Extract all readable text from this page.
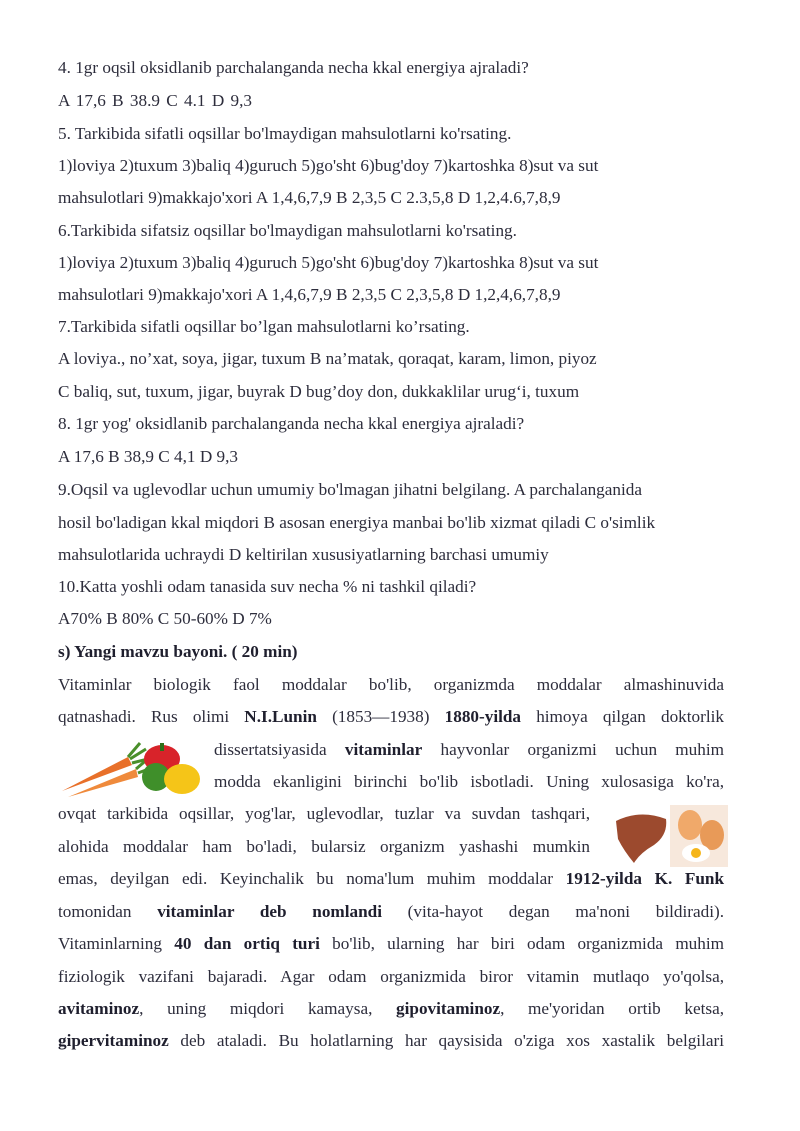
4. 1gr oqsil oksidlanib parchalanganda necha kkal energiya ajraladi?
A 17,6 B 38.9 C 4.1 D 9,3
5. Tarkibida sifatli oqsillar bo'lmaydigan mahsulotlarni ko'rsating.
1)loviya 2)tuxum 3)baliq 4)guruch 5)go'sht 6)bug'doy 7)kartoshka 8)sut va sut
mahsulotlari 9)makkajo'xori A 1,4,6,7,9 B 2,3,5 C 2.3,5,8 D 1,2,4.6,7,8,9
6.Tarkibida sifatsiz oqsillar bo'lmaydigan mahsulotlarni ko'rsating.
1)loviya 2)tuxum 3)baliq 4)guruch 5)go'sht 6)bug'doy 7)kartoshka 8)sut va sut
mahsulotlari 9)makkajo'xori A 1,4,6,7,9 B 2,3,5 C 2,3,5,8 D 1,2,4,6,7,8,9
7.Tarkibida sifatli oqsillar bo’lgan mahsulotlarni ko’rsating.
A loviya., no’xat, soya, jigar, tuxum B na’matak, qoraqat, karam, limon, piyoz
C baliq, sut, tuxum, jigar, buyrak D bug’doy don, dukkaklilar urug‘i, tuxum
8. 1gr yog' oksidlanib parchalanganda necha kkal energiya ajraladi?
A 17,6 B 38,9 C 4,1 D 9,3
9.Oqsil va uglevodlar uchun umumiy bo'lmagan jihatni belgilang. A parchalanganida
hosil bo'ladigan kkal miqdori B asosan energiya manbai bo'lib xizmat qiladi C o'simlik
mahsulotlarida uchraydi D keltirilan xususiyatlarning barchasi umumiy
10.Katta yoshli odam tanasida suv necha % ni tashkil qiladi?
A70% B 80% C 50-60% D 7%
s) Yangi mavzu bayoni. ( 20 min)
Vitaminlar biologik faol moddalar bo'lib, organizmda moddalar almashinuvida
qatnashadi. Rus olimi N.I.Lunin (1853—1938) 1880-yilda himoya qilgan doktorlik
dissertatsiyasida vitaminlar hayvonlar organizmi uchun muhim
modda ekanligini birinchi bo'lib isbotladi. Uning xulosasiga ko'ra,
ovqat tarkibida oqsillar, yog'lar, uglevodlar, tuzlar va suvdan tashqari,
alohida moddalar ham bo'ladi, bularsiz organizm yashashi mumkin
emas, deyilgan edi. Keyinchalik bu noma'lum muhim moddalar 1912-yilda K. Funk
tomonidan vitaminlar deb nomlandi (vita-hayot degan ma'noni bildiradi).
Vitaminlarning 40 dan ortiq turi bo'lib, ularning har biri odam organizmida muhim
fiziologik vazifani bajaradi. Agar odam organizmida biror vitamin mutlaqo yo'qolsa,
avitaminoz, uning miqdori kamaysa, gipovitaminoz, me'yoridan ortib ketsa,
gipervitaminoz deb ataladi. Bu holatlarning har qaysisida o'ziga xos xastalik belgilari
